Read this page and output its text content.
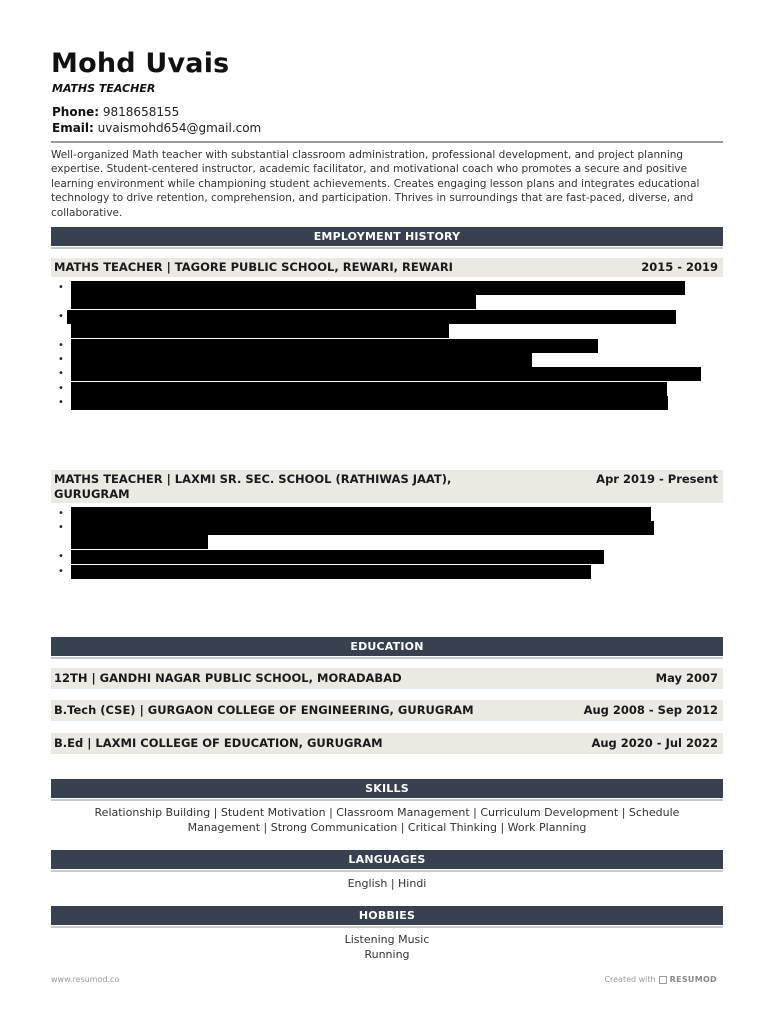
Mohd Uvais
MATHS TEACHER
Phone: 9818658155
Email: uvaismohd654@gmail.com
Well-organized Math teacher with substantial classroom administration, professional development, and project planning expertise. Student-centered instructor, academic facilitator, and motivational coach who promotes a secure and positive learning environment while championing student achievements. Creates engaging lesson plans and integrates educational technology to drive retention, comprehension, and participation. Thrives in surroundings that are fast-paced, diverse, and collaborative.
EMPLOYMENT HISTORY
MATHS TEACHER | TAGORE PUBLIC SCHOOL, REWARI, REWARI	2015 - 2019
•
•
•
•
•
•
•
MATHS TEACHER | LAXMI SR. SEC. SCHOOL (RATHIWAS JAAT), GURUGRAM
Apr 2019 - Present
•
•
•
•
EDUCATION
12TH | GANDHI NAGAR PUBLIC SCHOOL, MORADABAD	May 2007
B.Tech (CSE) | GURGAON COLLEGE OF ENGINEERING, GURUGRAM	Aug 2008 - Sep 2012
B.Ed | LAXMI COLLEGE OF EDUCATION, GURUGRAM	Aug 2020 - Jul 2022
SKILLS
Relationship Building | Student Motivation | Classroom Management | Curriculum Development | Schedule
Management | Strong Communication | Critical Thinking | Work Planning
LANGUAGES
English | Hindi
HOBBIES
Listening Music
Running
www.resumod.co	Created with RESUMOD
